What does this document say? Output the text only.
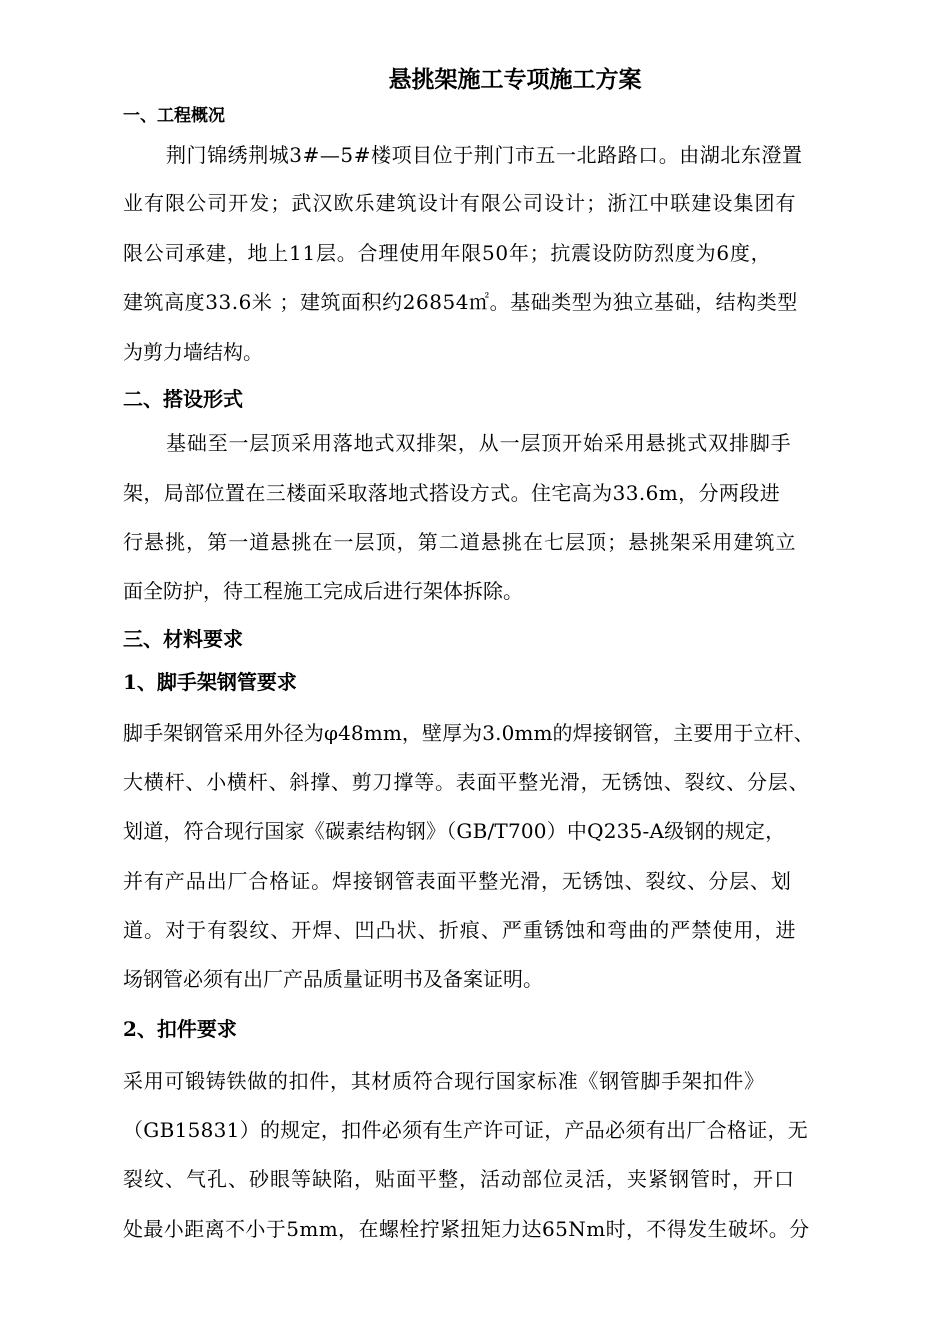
悬挑架施工专项施工方案
一、工程概况
荆门锦绣荆城3#—5#楼项目位于荆门市五一北路路口。由湖北东澄置
业有限公司开发；武汉欧乐建筑设计有限公司设计；浙江中联建设集团有
限公司承建，地上11层。合理使用年限50年；抗震设防防烈度为6度，
建筑高度33.6米 ；建筑面积约26854㎡。基础类型为独立基础，结构类型
为剪力墙结构。
二、搭设形式
基础至一层顶采用落地式双排架，从一层顶开始采用悬挑式双排脚手
架，局部位置在三楼面采取落地式搭设方式。住宅高为33.6m，分两段进
行悬挑，第一道悬挑在一层顶，第二道悬挑在七层顶；悬挑架采用建筑立
面全防护，待工程施工完成后进行架体拆除。
三、材料要求
1、脚手架钢管要求
脚手架钢管采用外径为φ48mm，壁厚为3.0mm的焊接钢管，主要用于立杆、
大横杆、小横杆、斜撑、剪刀撑等。表面平整光滑，无锈蚀、裂纹、分层、
划道，符合现行国家《碳素结构钢》（GB/T700）中Q235-A级钢的规定，
并有产品出厂合格证。焊接钢管表面平整光滑，无锈蚀、裂纹、分层、划
道。对于有裂纹、开焊、凹凸状、折痕、严重锈蚀和弯曲的严禁使用，进
场钢管必须有出厂产品质量证明书及备案证明。
2、扣件要求
采用可锻铸铁做的扣件，其材质符合现行国家标准《钢管脚手架扣件》
（GB15831）的规定，扣件必须有生产许可证，产品必须有出厂合格证，无
裂纹、气孔、砂眼等缺陷，贴面平整，活动部位灵活，夹紧钢管时，开口
处最小距离不小于5mm，在螺栓拧紧扭矩力达65Nm时，不得发生破坏。分
